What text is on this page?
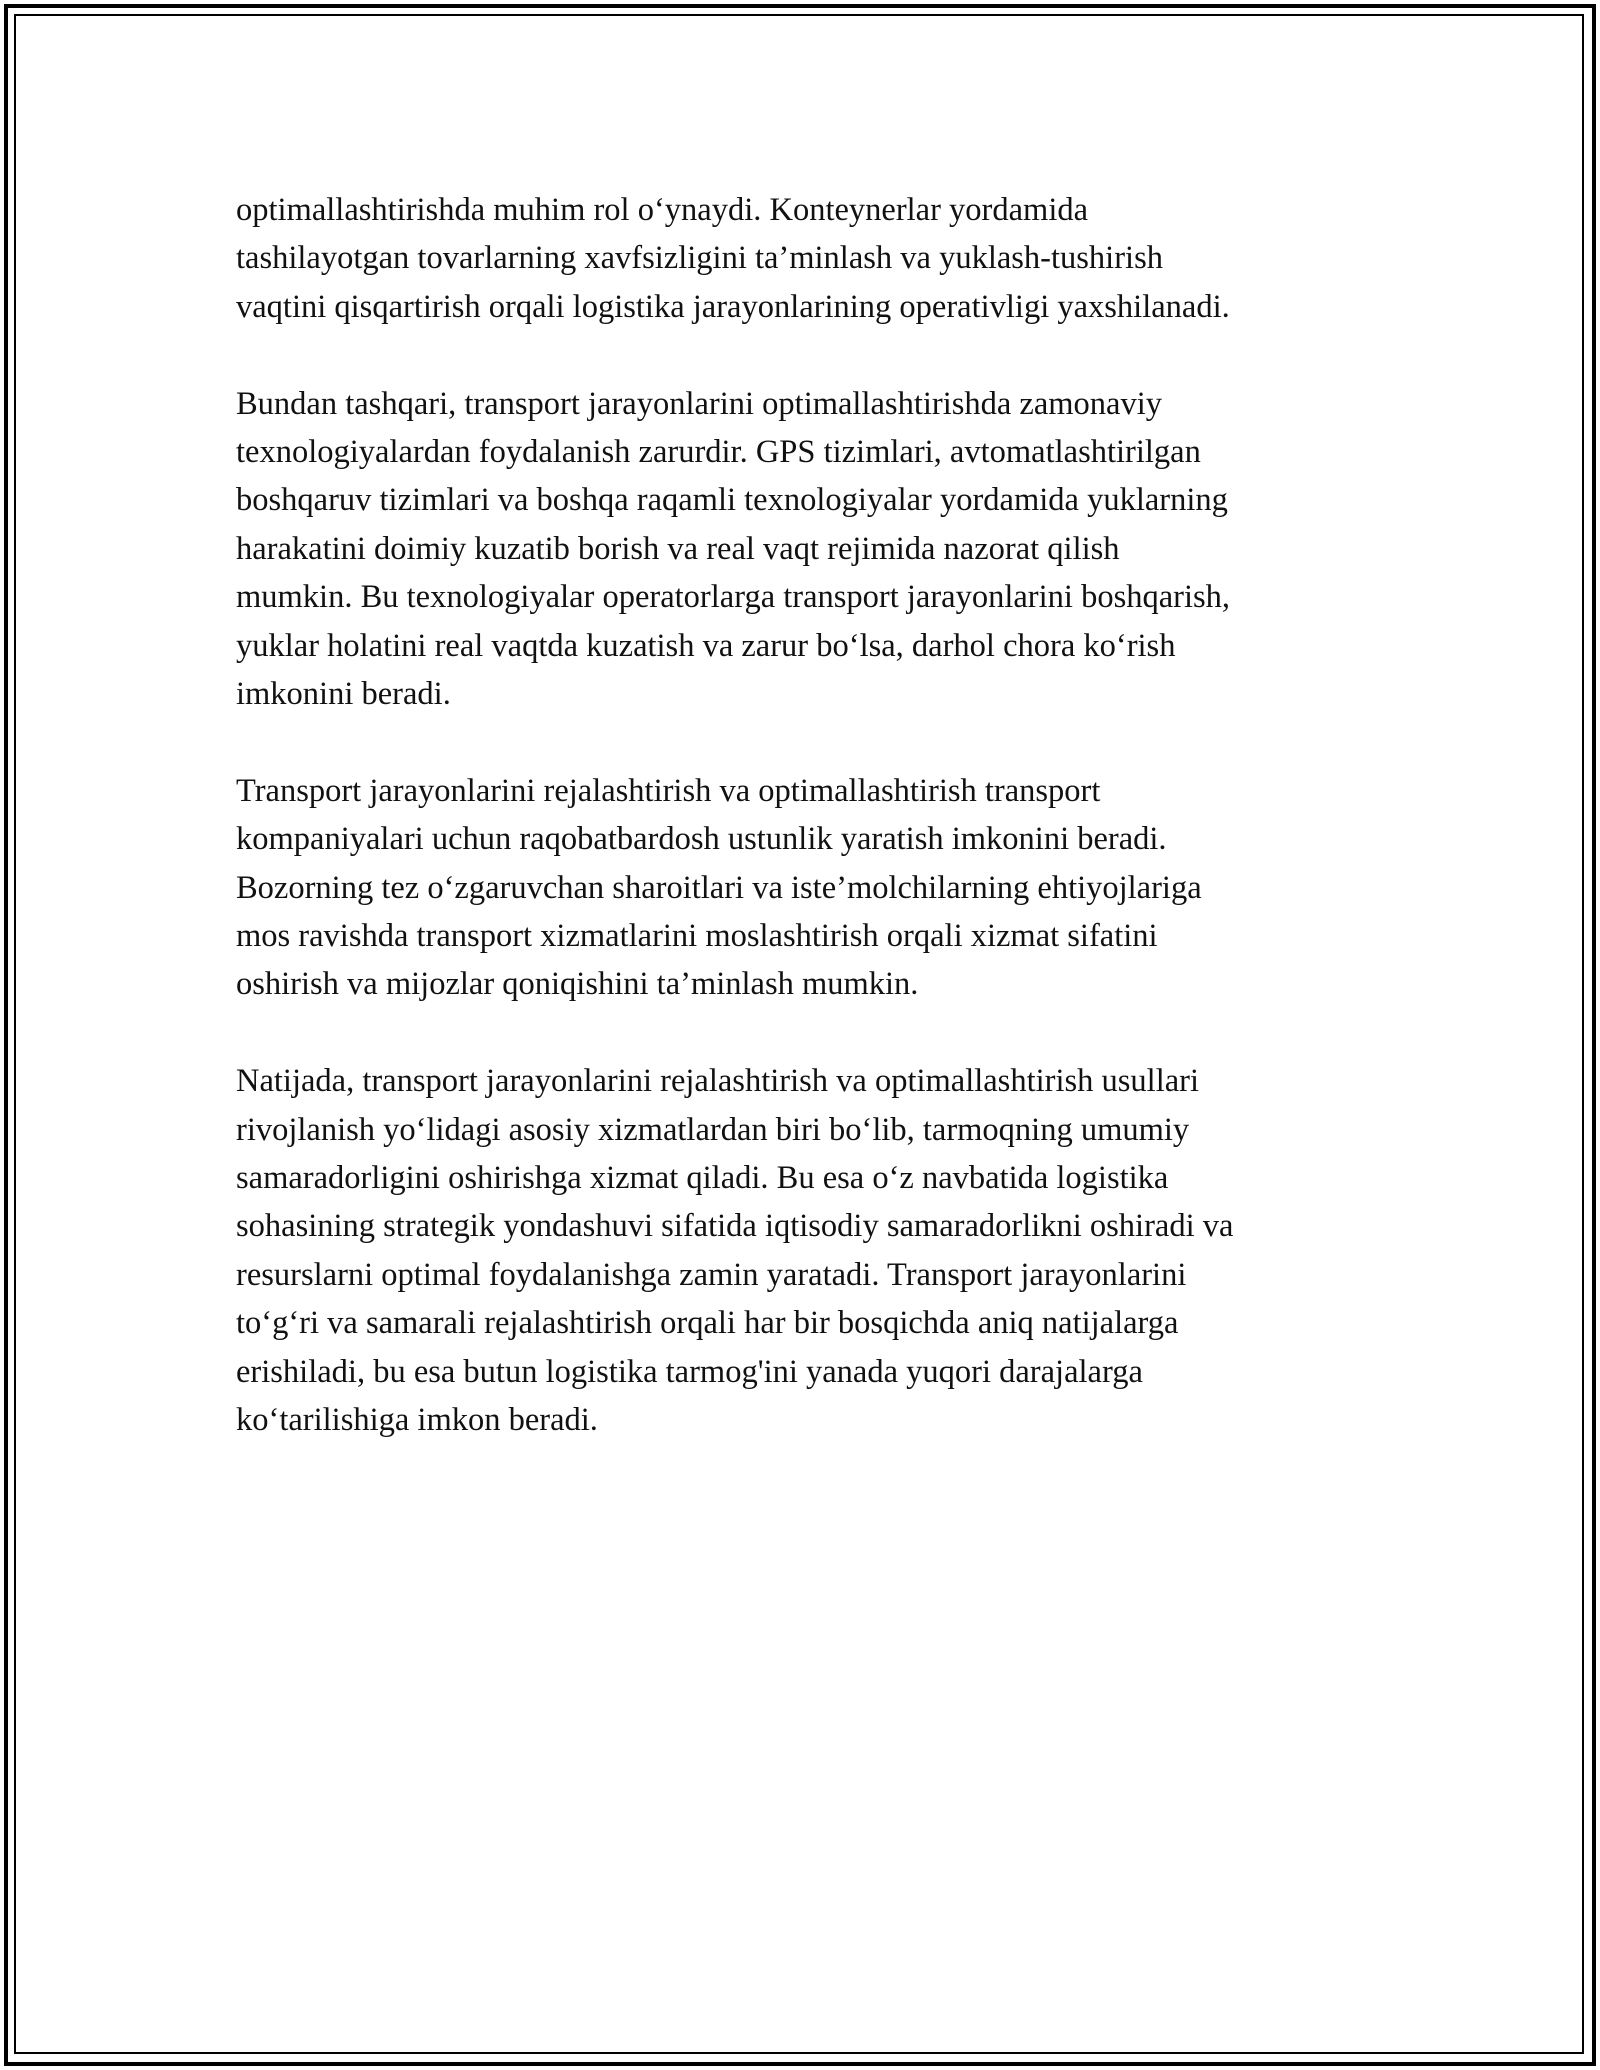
optimallashtirishda muhim rol o‘ynaydi. Konteynerlar yordamida
tashilayotgan tovarlarning xavfsizligini ta’minlash va yuklash-tushirish
vaqtini qisqartirish orqali logistika jarayonlarining operativligi yaxshilanadi.

Bundan tashqari, transport jarayonlarini optimallashtirishda zamonaviy
texnologiyalardan foydalanish zarurdir. GPS tizimlari, avtomatlashtirilgan
boshqaruv tizimlari va boshqa raqamli texnologiyalar yordamida yuklarning
harakatini doimiy kuzatib borish va real vaqt rejimida nazorat qilish
mumkin. Bu texnologiyalar operatorlarga transport jarayonlarini boshqarish,
yuklar holatini real vaqtda kuzatish va zarur bo‘lsa, darhol chora ko‘rish
imkonini beradi.

Transport jarayonlarini rejalashtirish va optimallashtirish transport
kompaniyalari uchun raqobatbardosh ustunlik yaratish imkonini beradi.
Bozorning tez o‘zgaruvchan sharoitlari va iste’molchilarning ehtiyojlariga
mos ravishda transport xizmatlarini moslashtirish orqali xizmat sifatini
oshirish va mijozlar qoniqishini ta’minlash mumkin.

Natijada, transport jarayonlarini rejalashtirish va optimallashtirish usullari
rivojlanish yo‘lidagi asosiy xizmatlardan biri bo‘lib, tarmoqning umumiy
samaradorligini oshirishga xizmat qiladi. Bu esa o‘z navbatida logistika
sohasining strategik yondashuvi sifatida iqtisodiy samaradorlikni oshiradi va
resurslarni optimal foydalanishga zamin yaratadi. Transport jarayonlarini
to‘g‘ri va samarali rejalashtirish orqali har bir bosqichda aniq natijalarga
erishiladi, bu esa butun logistika tarmog'ini yanada yuqori darajalarga
ko‘tarilishiga imkon beradi.
